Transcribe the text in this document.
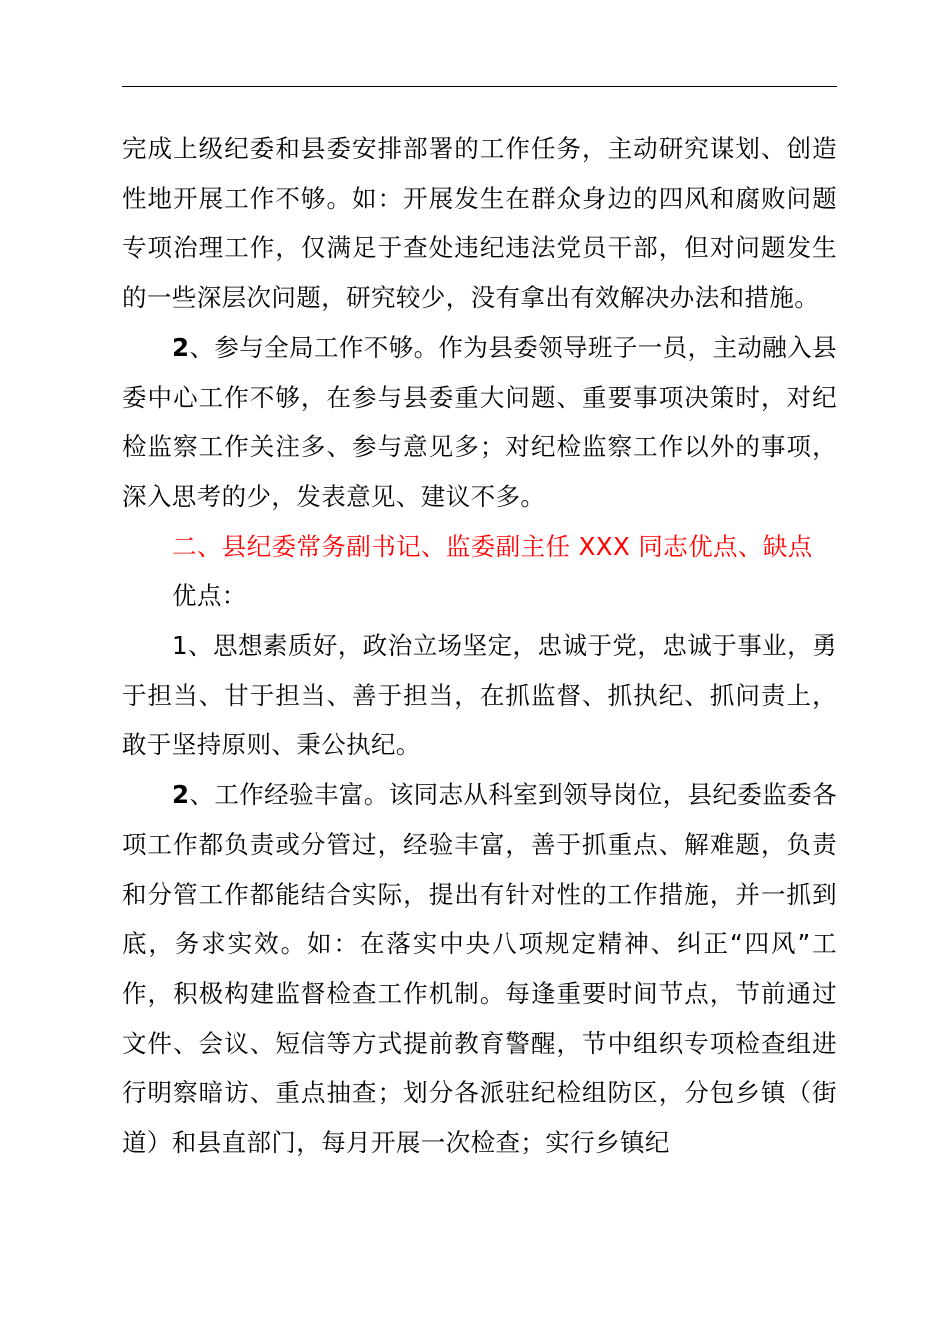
完成上级纪委和县委安排部署的工作任务，主动研究谋划、创造性地开展工作不够。如：开展发生在群众身边的四风和腐败问题专项治理工作，仅满足于查处违纪违法党员干部，但对问题发生的一些深层次问题，研究较少，没有拿出有效解决办法和措施。

2、参与全局工作不够。作为县委领导班子一员，主动融入县委中心工作不够，在参与县委重大问题、重要事项决策时，对纪检监察工作关注多、参与意见多；对纪检监察工作以外的事项，深入思考的少，发表意见、建议不多。

二、县纪委常务副书记、监委副主任 XXX 同志优点、缺点

优点：

1、思想素质好，政治立场坚定，忠诚于党，忠诚于事业，勇于担当、甘于担当、善于担当，在抓监督、抓执纪、抓问责上，敢于坚持原则、秉公执纪。

2、工作经验丰富。该同志从科室到领导岗位，县纪委监委各项工作都负责或分管过，经验丰富，善于抓重点、解难题，负责和分管工作都能结合实际，提出有针对性的工作措施，并一抓到底，务求实效。如：在落实中央八项规定精神、纠正“四风”工作，积极构建监督检查工作机制。每逢重要时间节点，节前通过文件、会议、短信等方式提前教育警醒，节中组织专项检查组进行明察暗访、重点抽查；划分各派驻纪检组防区，分包乡镇（街道）和县直部门，每月开展一次检查；实行乡镇纪
